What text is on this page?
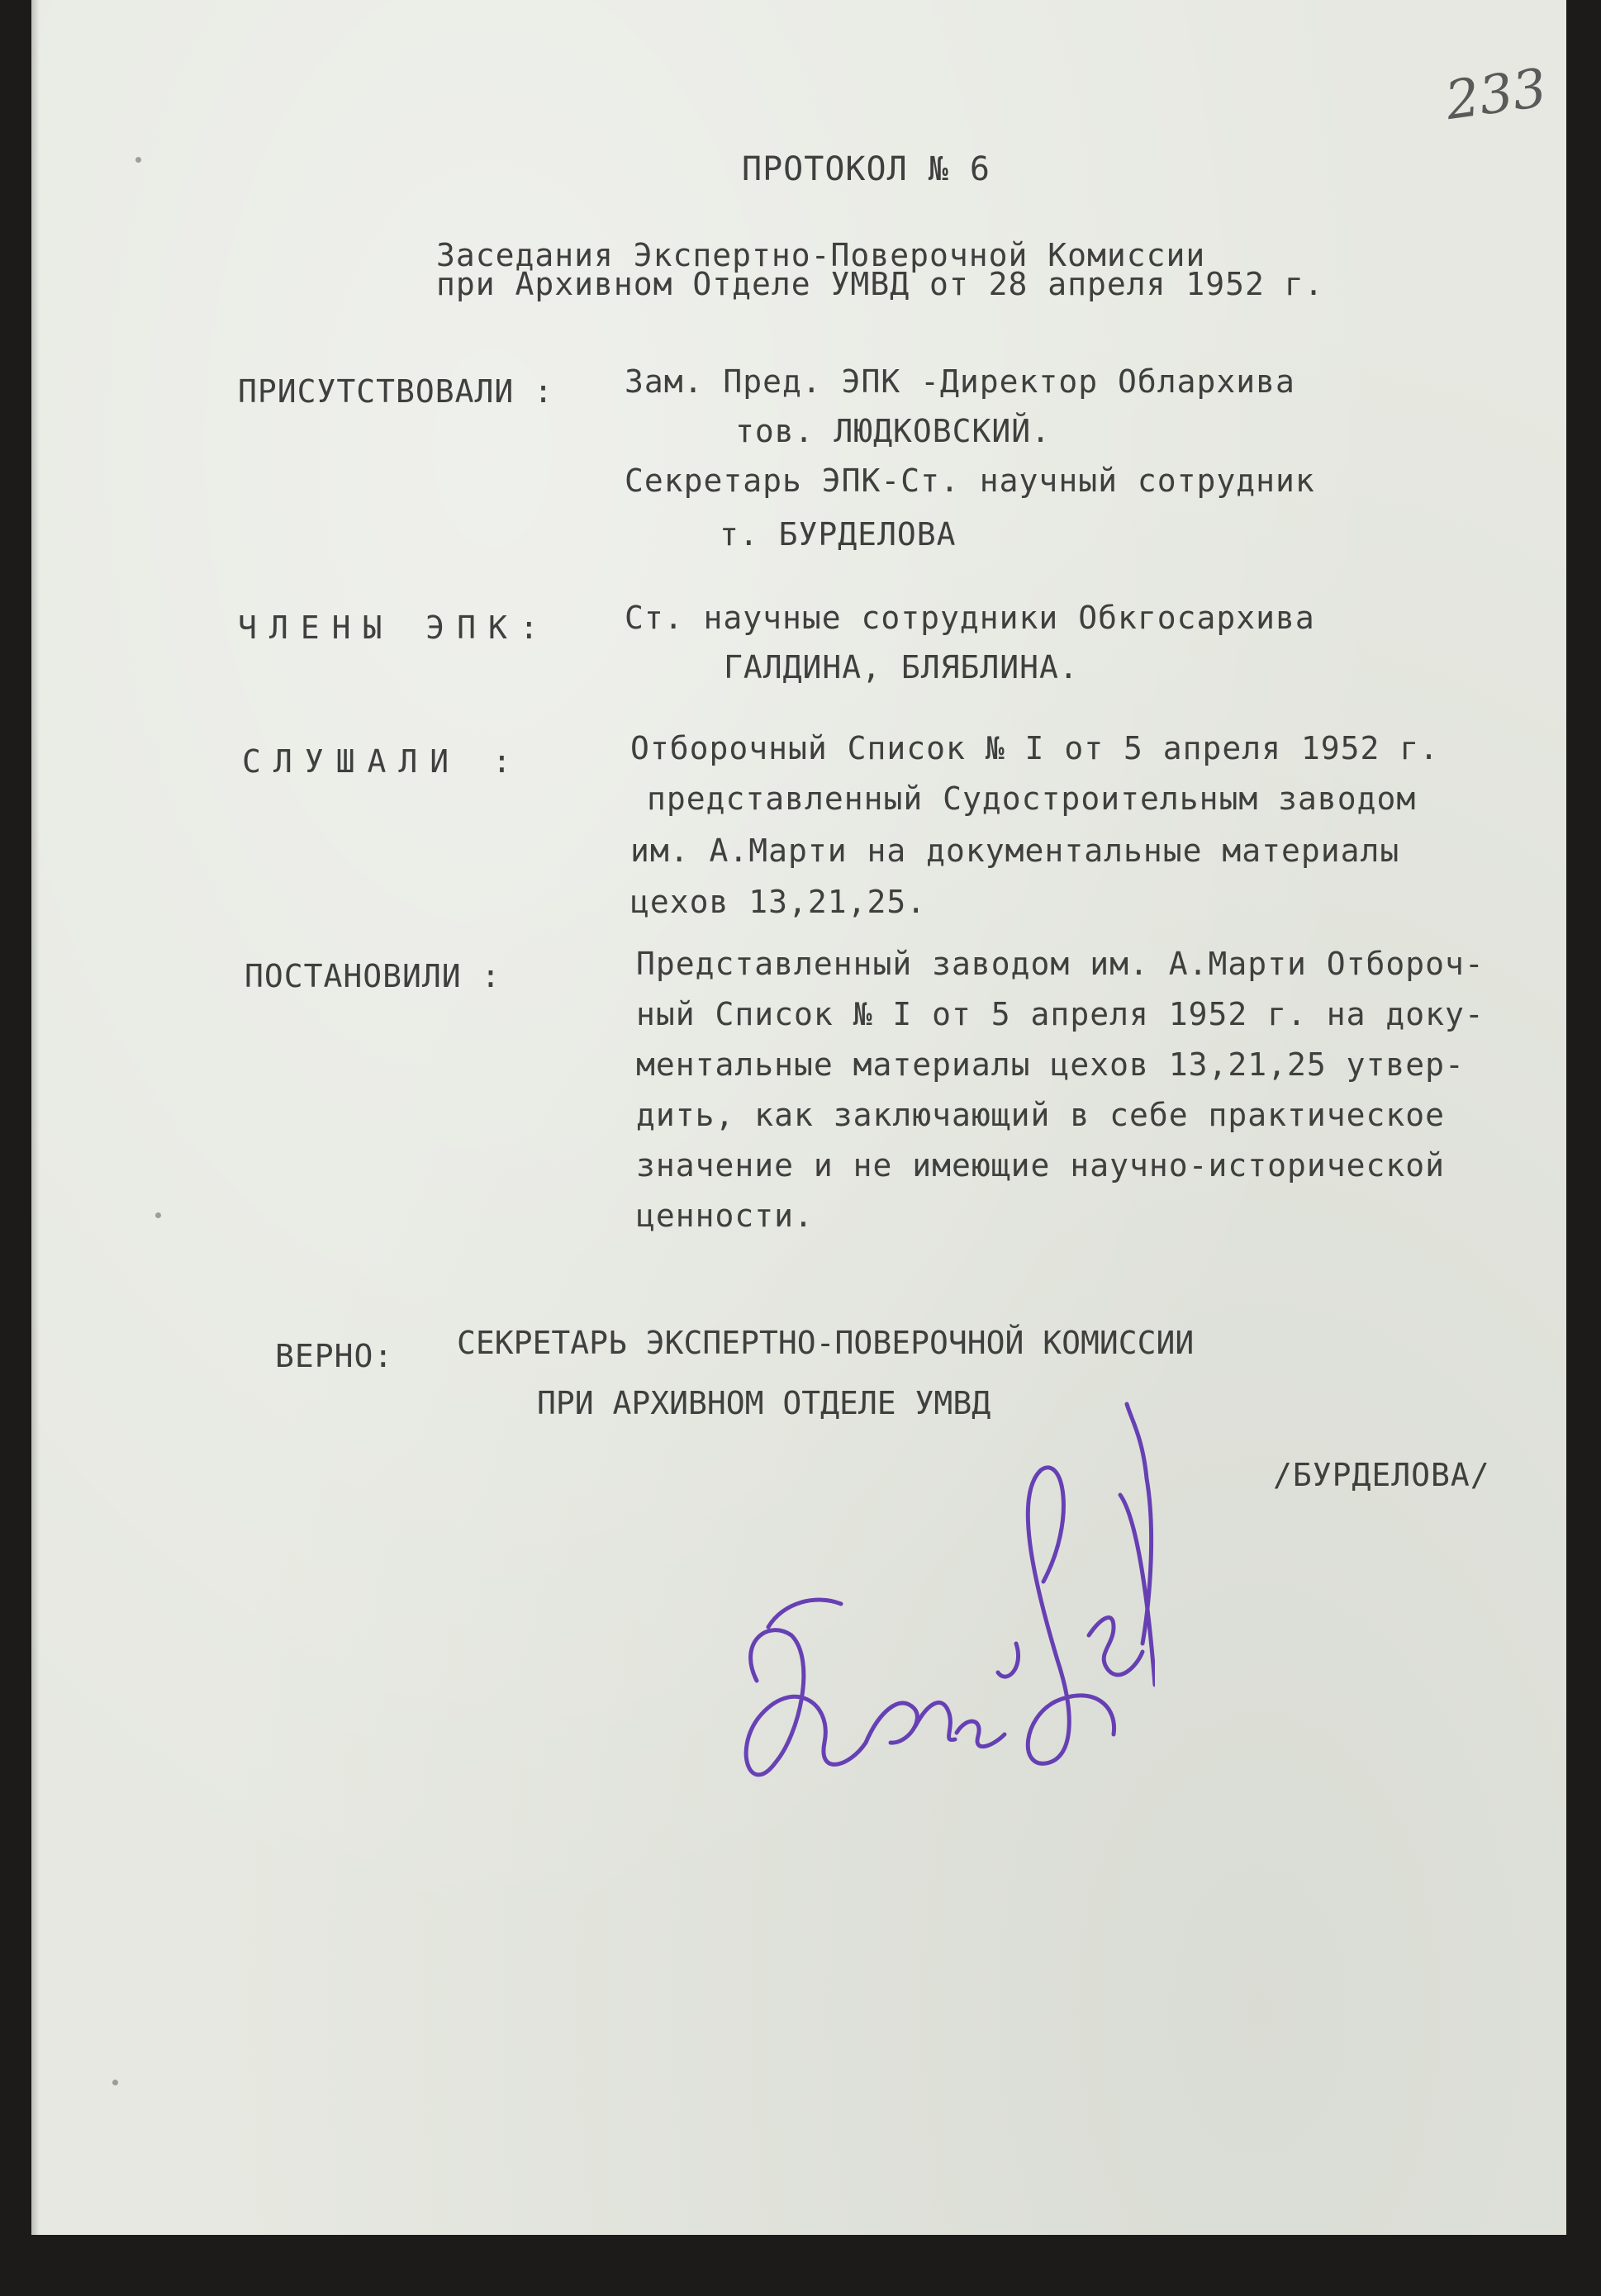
233
ПРОТОКОЛ № 6
Заседания Экспертно-Поверочной Комиссии
при Архивном Отделе УМВД от 28 апреля 1952 г.
ПРИСУТСТВОВАЛИ : Зам. Пред. ЭПК -Директор Облархива
тов. ЛЮДКОВСКИЙ.
Секретарь ЭПК-Ст. научный сотрудник
т. БУРДЕЛОВА
ЧЛЕНЫ ЭПК: Ст. научные сотрудники Обкгосархива
ГАЛДИНА, БЛЯБЛИНА.
СЛУШАЛИ :	Отборочный Список № I от 5 апреля 1952 г.
представленный Судостроительным заводом
им. А.Марти на документальные материалы
цехов 13,21,25.
ПОСТАНОВИЛИ :	Представленный заводом им. А.Марти Отбороч-
ный Список № I от 5 апреля 1952 г. на доку-
ментальные материалы цехов 13,21,25 утвер-
дить, как заключающий в себе практическое
значение и не имеющие научно-исторической
ценности.
ВЕРНО: СЕКРЕТАРЬ ЭКСПЕРТНО-ПОВЕРОЧНОЙ КОМИССИИ
ПРИ АРХИВНОМ ОТДЕЛЕ УМВД
/БУРДЕЛОВА/
